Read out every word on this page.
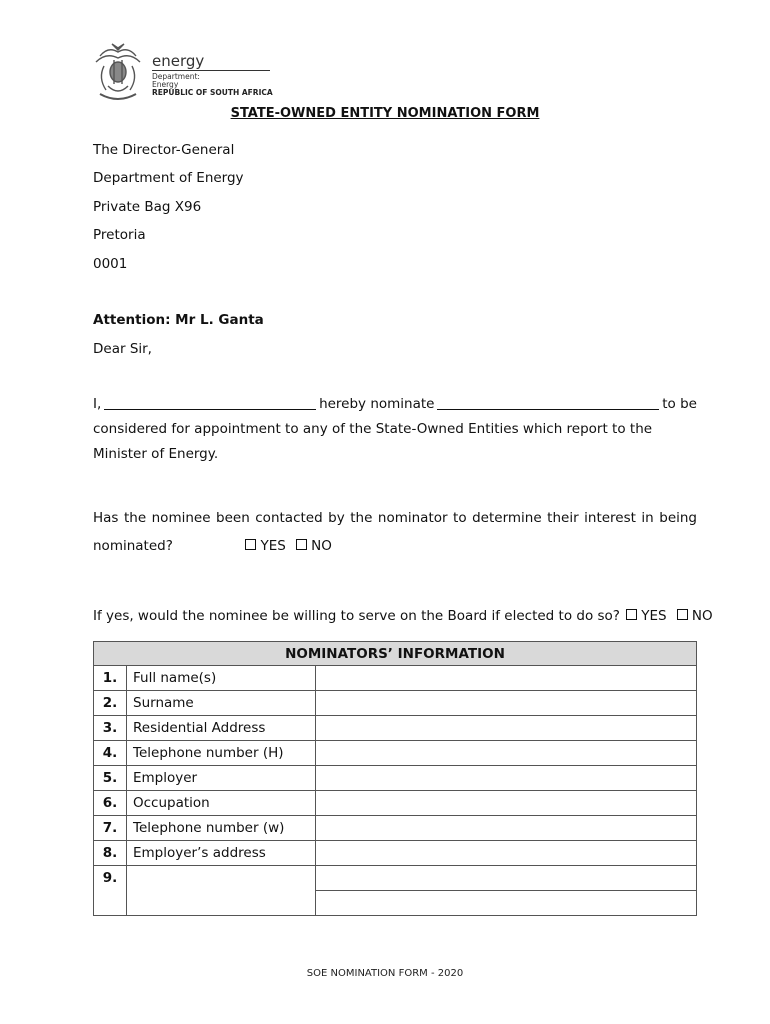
energy
Department:
Energy
REPUBLIC OF SOUTH AFRICA
STATE-OWNED ENTITY NOMINATION FORM
The Director-General
Department of Energy
Private Bag X96
Pretoria
0001
Attention: Mr L. Ganta
Dear Sir,
I,	hereby nominate	to be
considered for appointment to any of the State-Owned Entities which report to the Minister of Energy.
Has the nominee been contacted by the nominator to determine their interest in being
nominated?	YES NO
If yes, would the nominee be willing to serve on the Board if elected to do so? YES NO
NOMINATORS’ INFORMATION		
1.	Full name(s)	
2.	Surname	
3.	Residential Address	
4.	Telephone number (H)	
5.	Employer	
6.	Occupation	
7.	Telephone number (w)	
8.	Employer’s address	
9.		

SOE NOMINATION FORM - 2020
